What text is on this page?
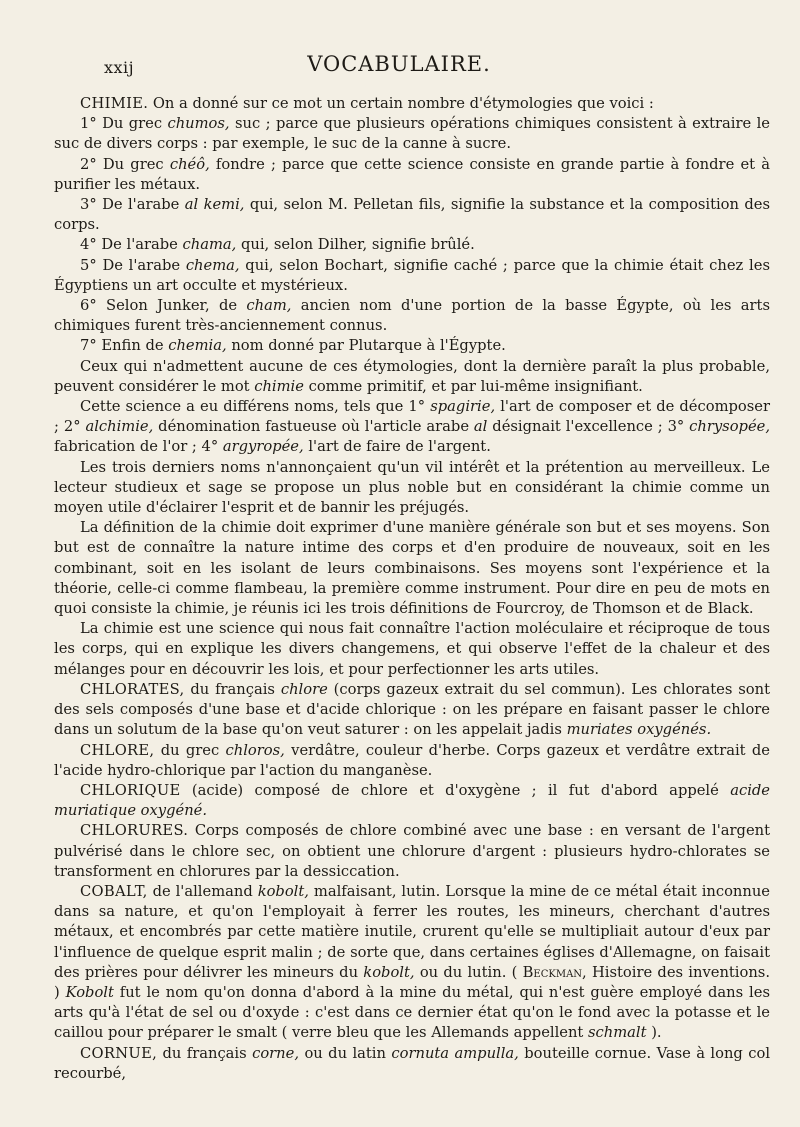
xxij	VOCABULAIRE.

CHIMIE. On a donné sur ce mot un certain nombre d'étymologies que voici :

1° Du grec chumos, suc ; parce que plusieurs opérations chimiques consistent à extraire le suc de divers corps : par exemple, le suc de la canne à sucre.

2° Du grec chéô, fondre ; parce que cette science consiste en grande partie à fondre et à purifier les métaux.

3° De l'arabe al kemi, qui, selon M. Pelletan fils, signifie la substance et la composition des corps.

4° De l'arabe chama, qui, selon Dilher, signifie brûlé.

5° De l'arabe chema, qui, selon Bochart, signifie caché ; parce que la chimie était chez les Égyptiens un art occulte et mystérieux.

6° Selon Junker, de cham, ancien nom d'une portion de la basse Égypte, où les arts chimiques furent très-anciennement connus.

7° Enfin de chemia, nom donné par Plutarque à l'Égypte.

Ceux qui n'admettent aucune de ces étymologies, dont la dernière paraît la plus probable, peuvent considérer le mot chimie comme primitif, et par lui-même insignifiant.

Cette science a eu différens noms, tels que 1° spagirie, l'art de composer et de décomposer ; 2° alchimie, dénomination fastueuse où l'article arabe al désignait l'excellence ; 3° chrysopée, fabrication de l'or ; 4° argyropée, l'art de faire de l'argent.

Les trois derniers noms n'annonçaient qu'un vil intérêt et la prétention au merveilleux. Le lecteur studieux et sage se propose un plus noble but en considérant la chimie comme un moyen utile d'éclairer l'esprit et de bannir les préjugés.

La définition de la chimie doit exprimer d'une manière générale son but et ses moyens. Son but est de connaître la nature intime des corps et d'en produire de nouveaux, soit en les combinant, soit en les isolant de leurs combinaisons. Ses moyens sont l'expérience et la théorie, celle-ci comme flambeau, la première comme instrument. Pour dire en peu de mots en quoi consiste la chimie, je réunis ici les trois définitions de Fourcroy, de Thomson et de Black.

La chimie est une science qui nous fait connaître l'action moléculaire et réciproque de tous les corps, qui en explique les divers changemens, et qui observe l'effet de la chaleur et des mélanges pour en découvrir les lois, et pour perfectionner les arts utiles.

CHLORATES, du français chlore (corps gazeux extrait du sel commun). Les chlorates sont des sels composés d'une base et d'acide chlorique : on les prépare en faisant passer le chlore dans un solutum de la base qu'on veut saturer : on les appelait jadis muriates oxygénés.

CHLORE, du grec chloros, verdâtre, couleur d'herbe. Corps gazeux et verdâtre extrait de l'acide hydro-chlorique par l'action du manganèse.

CHLORIQUE (acide) composé de chlore et d'oxygène ; il fut d'abord appelé acide muriatique oxygéné.

CHLORURES. Corps composés de chlore combiné avec une base : en versant de l'argent pulvérisé dans le chlore sec, on obtient une chlorure d'argent : plusieurs hydro-chlorates se transforment en chlorures par la dessiccation.

COBALT, de l'allemand kobolt, malfaisant, lutin. Lorsque la mine de ce métal était inconnue dans sa nature, et qu'on l'employait à ferrer les routes, les mineurs, cherchant d'autres métaux, et encombrés par cette matière inutile, crurent qu'elle se multipliait autour d'eux par l'influence de quelque esprit malin ; de sorte que, dans certaines églises d'Allemagne, on faisait des prières pour délivrer les mineurs du kobolt, ou du lutin. ( Beckman, Histoire des inventions. ) Kobolt fut le nom qu'on donna d'abord à la mine du métal, qui n'est guère employé dans les arts qu'à l'état de sel ou d'oxyde : c'est dans ce dernier état qu'on le fond avec la potasse et le caillou pour préparer le smalt ( verre bleu que les Allemands appellent schmalt ).

CORNUE, du français corne, ou du latin cornuta ampulla, bouteille cornue. Vase à long col recourbé,
